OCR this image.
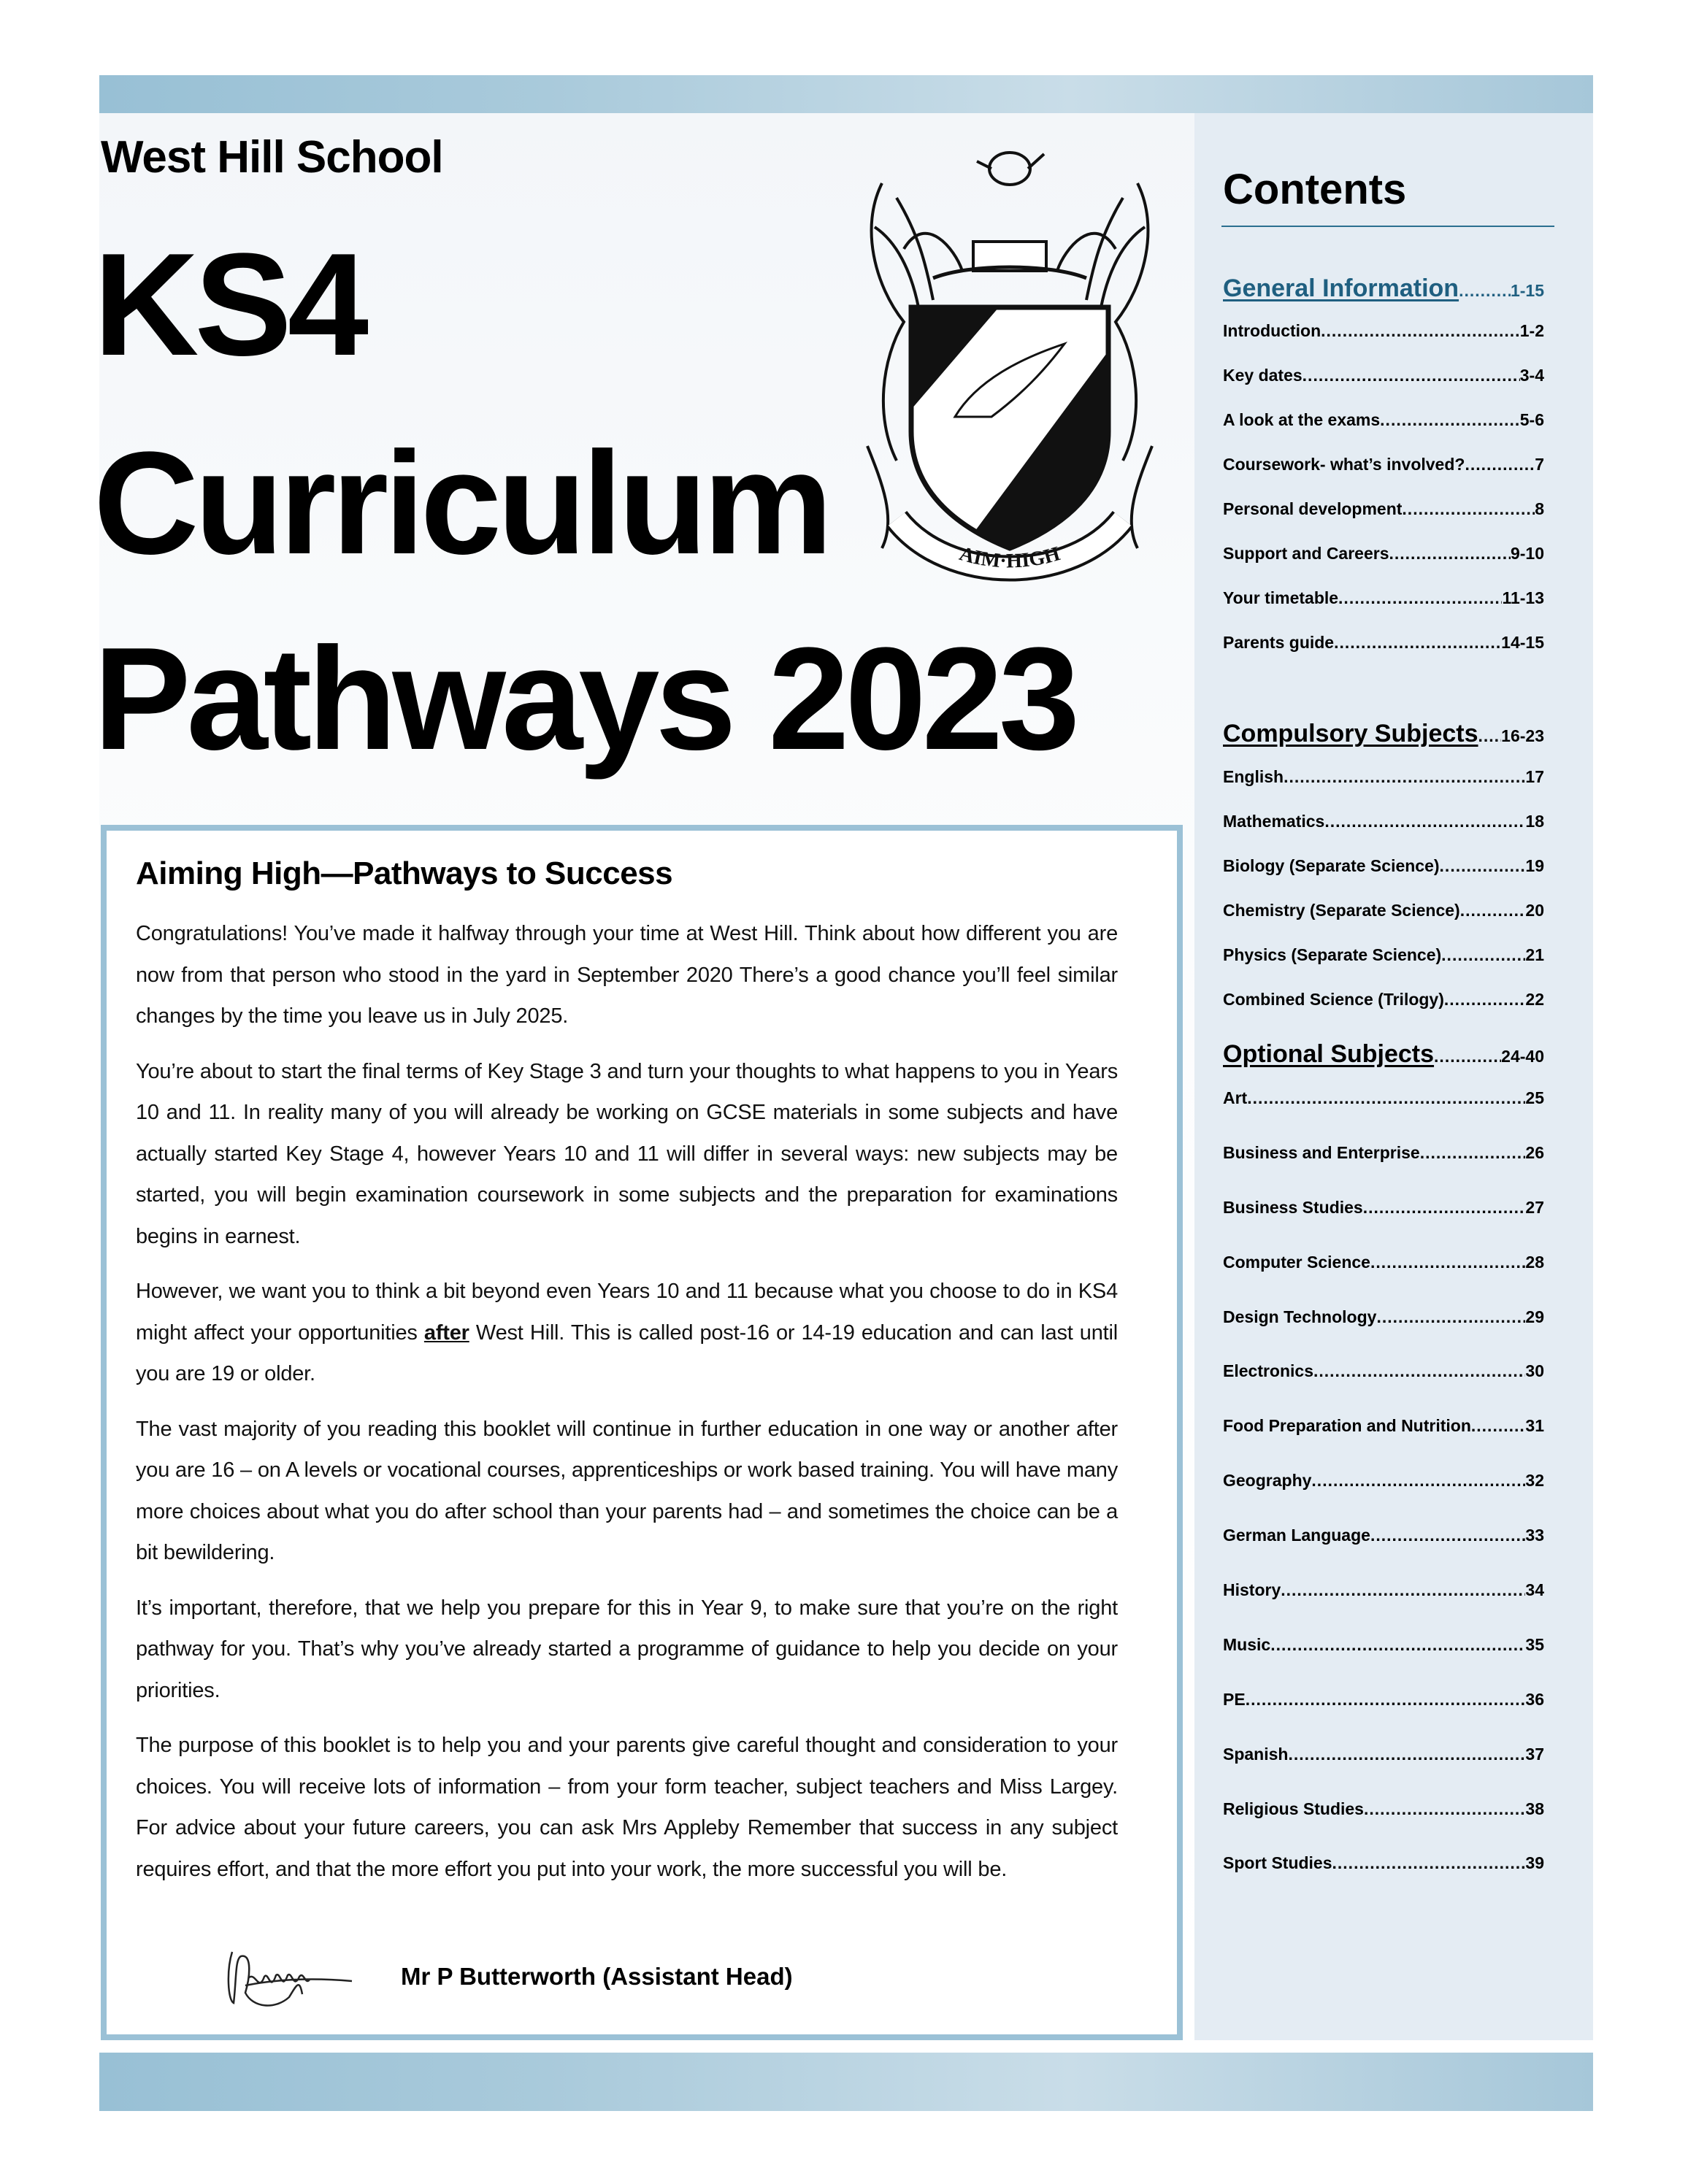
West Hill School
KS4
Curriculum
Pathways 2023
AIM·HIGH
Contents
General Information .....	1-15
Introduction .....	1-2
Key dates .....	3-4
A look at the exams .....	5-6
Coursework- what’s involved? .....	7
Personal development .....	8
Support and Careers .....	9-10
Your timetable .....	11-13
Parents guide .....	14-15
Compulsory Subjects ..... 16-23
English .....	17
Mathematics .....	18
Biology (Separate Science) .....	19
Chemistry (Separate Science) .....	20
Physics (Separate Science) .....	21
Combined Science (Trilogy) .....	22
Optional Subjects .....	24-40
Art .....	25
Business and Enterprise .....	26
Business Studies .....	27
Computer Science .....	28
Design Technology .....	29
Electronics .....	30
Food Preparation and Nutrition .....	31
Geography .....	32
German Language .....	33
History .....	34
Music .....	35
PE .....	36
Spanish .....	37
Religious Studies .....	38
Sport Studies .....	39
Aiming High—Pathways to Success

Congratulations! You’ve made it halfway through your time at West Hill. Think about how different you are now from that person who stood in the yard in September 2020 There’s a good chance you’ll feel similar changes by the time you leave us in July 2025.

You’re about to start the final terms of Key Stage 3 and turn your thoughts to what happens to you in Years 10 and 11. In reality many of you will already be working on GCSE materials in some subjects and have actually started Key Stage 4, however Years 10 and 11 will differ in several ways: new subjects may be started, you will begin examination coursework in some subjects and the preparation for examinations begins in earnest.

However, we want you to think a bit beyond even Years 10 and 11 because what you choose to do in KS4 might affect your opportunities after West Hill. This is called post-16 or 14-19 education and can last until you are 19 or older.

The vast majority of you reading this booklet will continue in further education in one way or another after you are 16 – on A levels or vocational courses, apprenticeships or work based training. You will have many more choices about what you do after school than your parents had – and sometimes the choice can be a bit bewildering.

It’s important, therefore, that we help you prepare for this in Year 9, to make sure that you’re on the right pathway for you. That’s why you’ve already started a programme of guidance to help you decide on your priorities.

The purpose of this booklet is to help you and your parents give careful thought and consideration to your choices. You will receive lots of information – from your form teacher, subject teachers and Miss Largey. For advice about your future careers, you can ask Mrs Appleby Remember that success in any subject requires effort, and that the more effort you put into your work, the more successful you will be.

Mr P Butterworth (Assistant Head)
